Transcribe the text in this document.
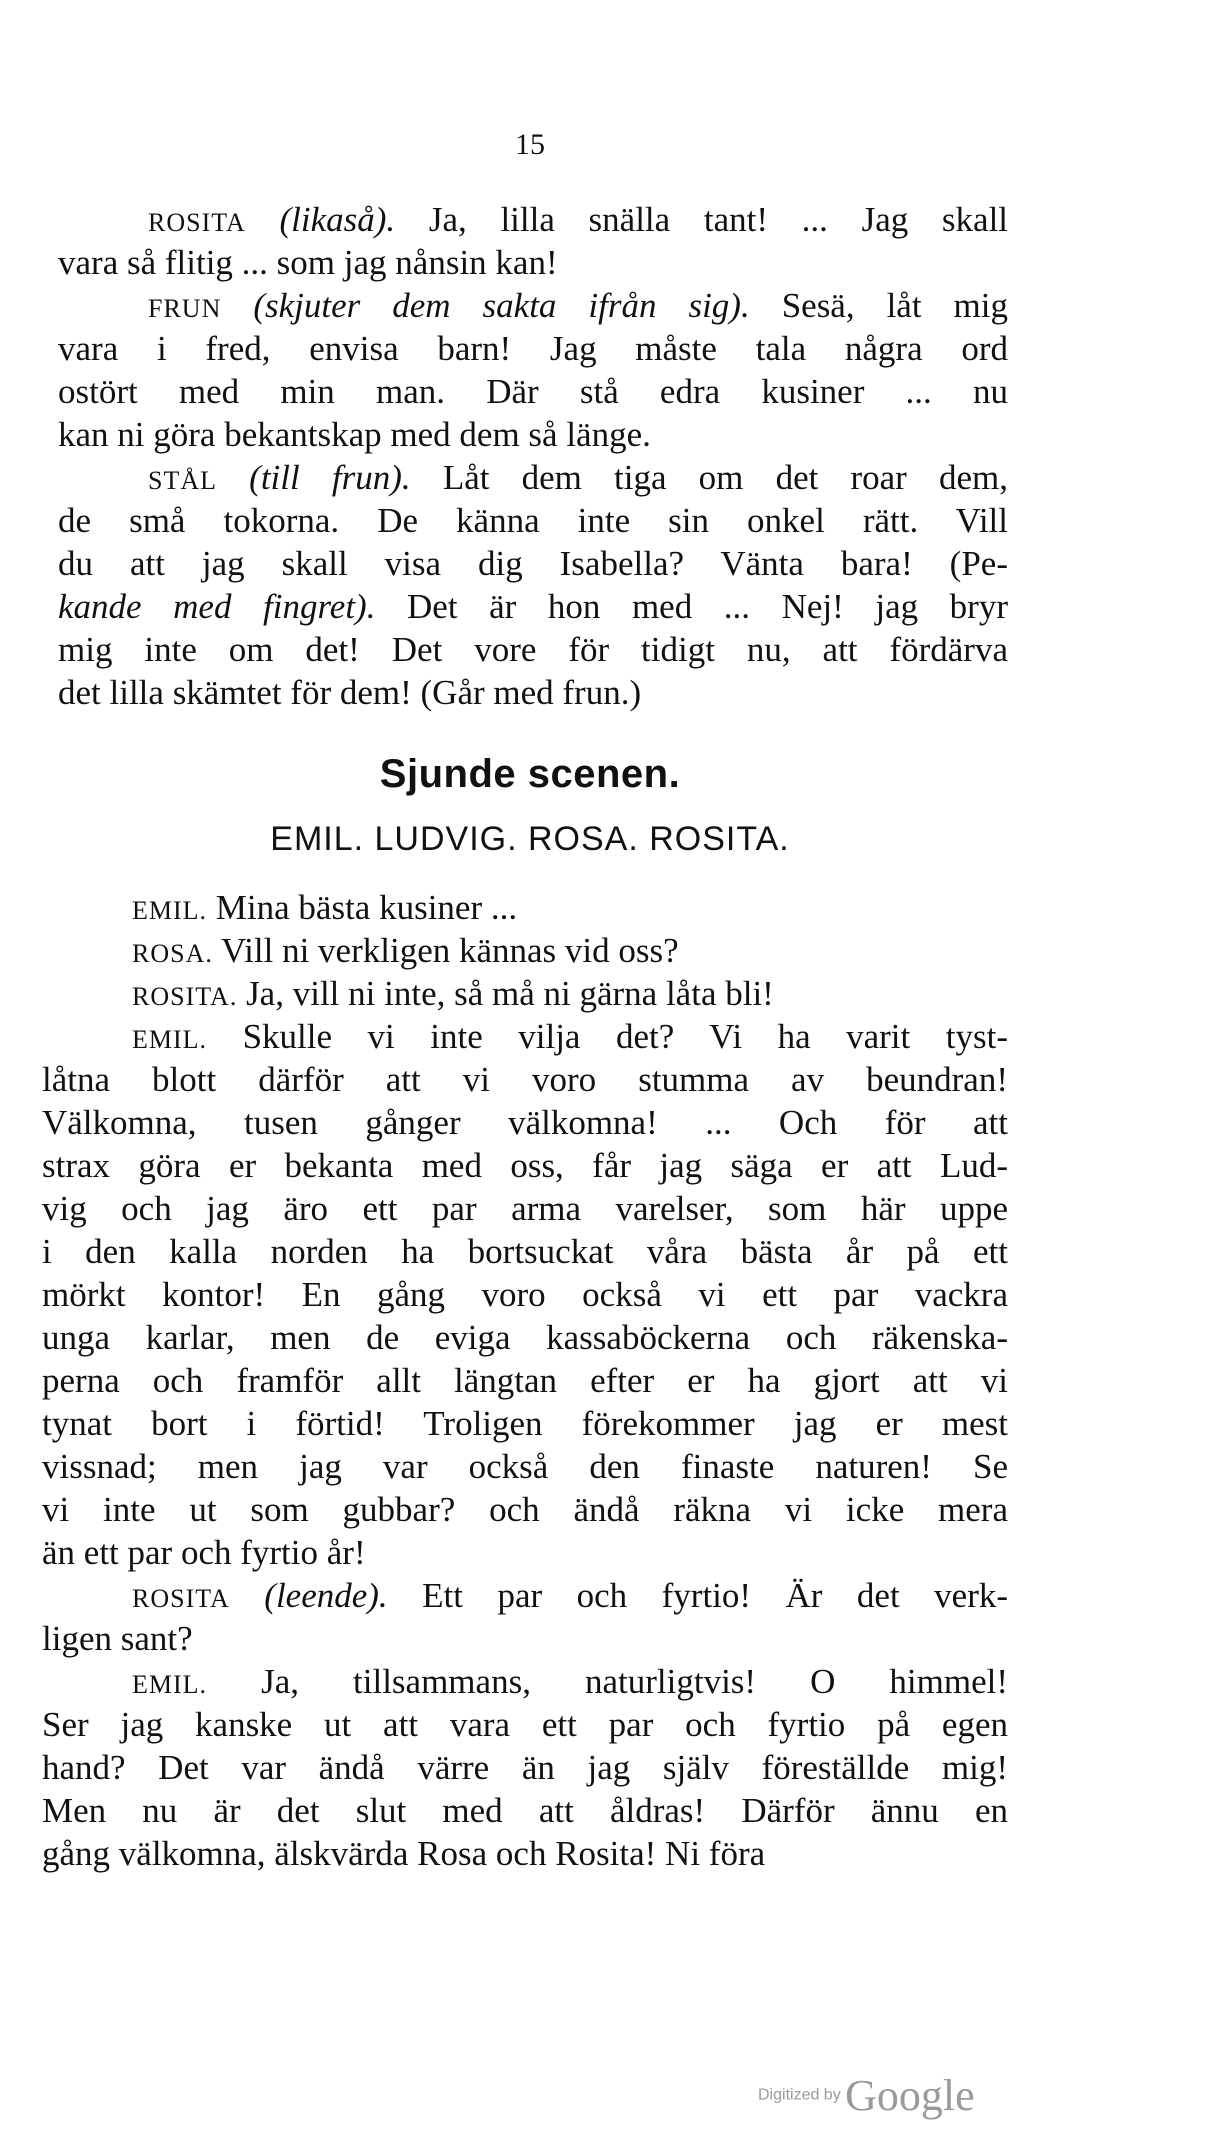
15
ROSITA (likaså). Ja, lilla snälla tant! ... Jag skall
vara så flitig ... som jag nånsin kan!
FRUN (skjuter dem sakta ifrån sig). Sesä, låt mig
vara i fred, envisa barn! Jag måste tala några ord
ostört med min man. Där stå edra kusiner ... nu
kan ni göra bekantskap med dem så länge.
STÅL (till frun). Låt dem tiga om det roar dem,
de små tokorna. De känna inte sin onkel rätt. Vill
du att jag skall visa dig Isabella? Vänta bara! (Pe-
kande med fingret). Det är hon med ... Nej! jag bryr
mig inte om det! Det vore för tidigt nu, att fördärva
det lilla skämtet för dem! (Går med frun.)
Sjunde scenen.
EMIL. LUDVIG. ROSA. ROSITA.
EMIL. Mina bästa kusiner ...
ROSA. Vill ni verkligen kännas vid oss?
ROSITA. Ja, vill ni inte, så må ni gärna låta bli!
EMIL. Skulle vi inte vilja det? Vi ha varit tyst-
låtna blott därför att vi voro stumma av beundran!
Välkomna, tusen gånger välkomna! ... Och för att
strax göra er bekanta med oss, får jag säga er att Lud-
vig och jag äro ett par arma varelser, som här uppe
i den kalla norden ha bortsuckat våra bästa år på ett
mörkt kontor! En gång voro också vi ett par vackra
unga karlar, men de eviga kassaböckerna och räkenska-
perna och framför allt längtan efter er ha gjort att vi
tynat bort i förtid! Troligen förekommer jag er mest
vissnad; men jag var också den finaste naturen! Se
vi inte ut som gubbar? och ändå räkna vi icke mera
än ett par och fyrtio år!
ROSITA (leende). Ett par och fyrtio! Är det verk-
ligen sant?
EMIL. Ja, tillsammans, naturligtvis! O himmel!
Ser jag kanske ut att vara ett par och fyrtio på egen
hand? Det var ändå värre än jag själv föreställde mig!
Men nu är det slut med att åldras! Därför ännu en
gång välkomna, älskvärda Rosa och Rosita! Ni föra
Digitized by Google
